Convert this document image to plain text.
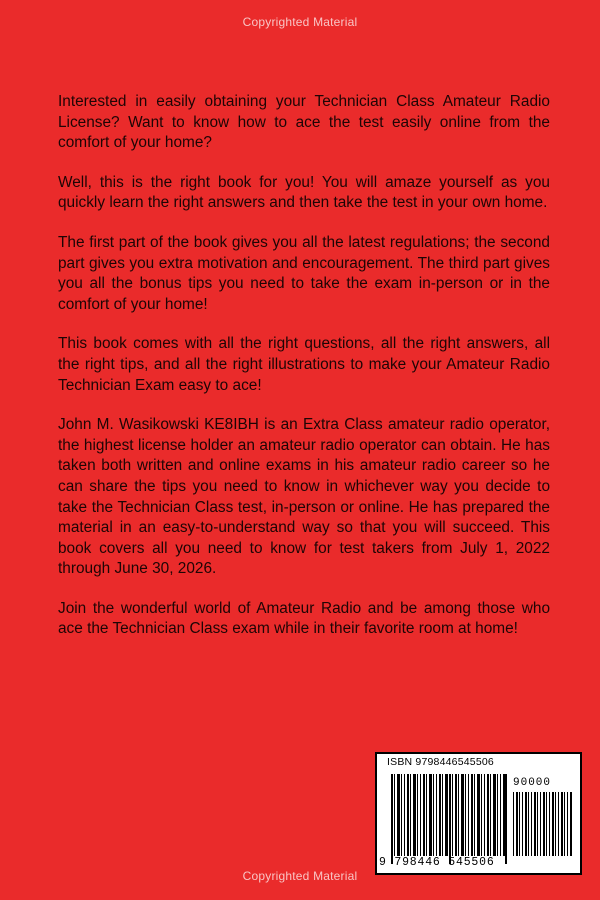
Copyrighted Material

Interested in easily obtaining your Technician Class Amateur Radio License? Want to know how to ace the test easily online from the comfort of your home?

Well, this is the right book for you! You will amaze yourself as you quickly learn the right answers and then take the test in your own home.

The first part of the book gives you all the latest regulations; the second part gives you extra motivation and encouragement. The third part gives you all the bonus tips you need to take the exam in-person or in the comfort of your home!

This book comes with all the right questions, all the right answers, all the right tips, and all the right illustrations to make your Amateur Radio Technician Exam easy to ace!

John M. Wasikowski KE8IBH is an Extra Class amateur radio operator, the highest license holder an amateur radio operator can obtain. He has taken both written and online exams in his amateur radio career so he can share the tips you need to know in whichever way you decide to take the Technician Class test, in-person or online. He has prepared the material in an easy-to-understand way so that you will succeed. This book covers all you need to know for test takers from July 1, 2022 through June 30, 2026.

Join the wonderful world of Amateur Radio and be among those who ace the Technician Class exam while in their favorite room at home!

ISBN 9798446545506
90000
9 798446 545506
Copyrighted Material
